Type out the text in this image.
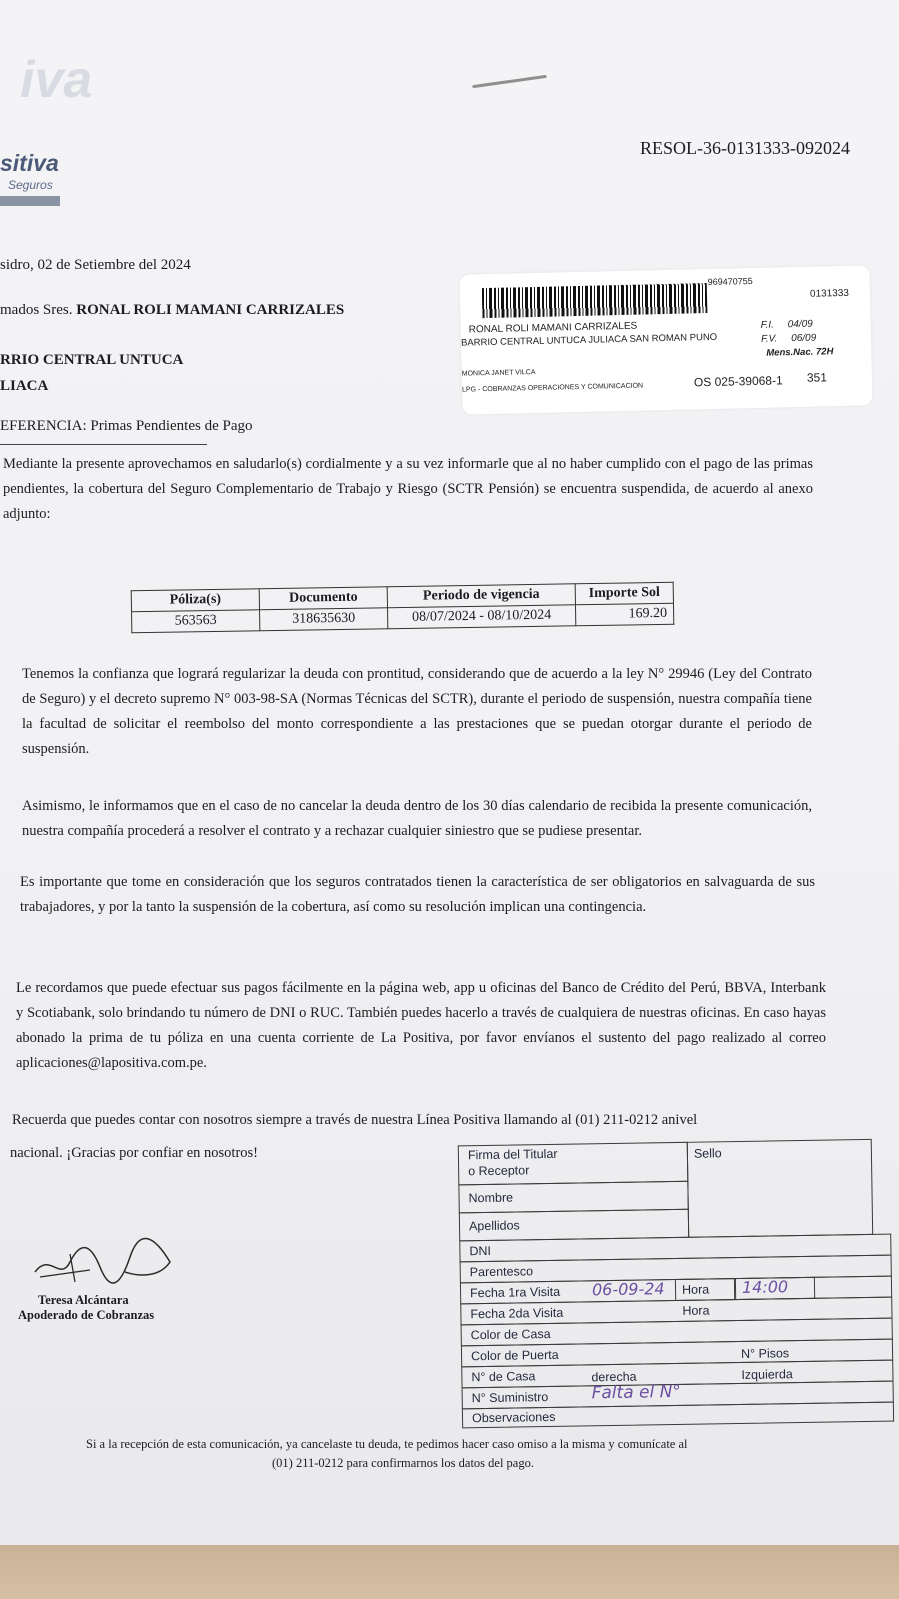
iva
sitiva
Seguros
RESOL-36-0131333-092024
sidro, 02 de Setiembre del 2024
mados Sres. RONAL ROLI MAMANI CARRIZALES
RRIO CENTRAL UNTUCA
LIACA
EFERENCIA: Primas Pendientes de Pago
969470755
0131333
RONAL ROLI MAMANI CARRIZALES
BARRIO CENTRAL UNTUCA JULIACA SAN ROMAN PUNO
F.I. 04/09
F.V. 06/09
Mens.Nac. 72H
MONICA JANET VILCA
LPG - COBRANZAS OPERACIONES Y COMUNICACION	OS 025-39068-1 351

Mediante la presente aprovechamos en saludarlo(s) cordialmente y a su vez informarle que al no haber cumplido con el pago de las primas pendientes, la cobertura del Seguro Complementario de Trabajo y Riesgo (SCTR Pensión) se encuentra suspendida, de acuerdo al anexo adjunto:

Póliza(s)	Documento	Periodo de vigencia	Importe Sol
563563	318635630	08/07/2024 - 08/10/2024	169.20

Tenemos la confianza que logrará regularizar la deuda con prontitud, considerando que de acuerdo a la ley N° 29946 (Ley del Contrato de Seguro) y el decreto supremo N° 003-98-SA (Normas Técnicas del SCTR), durante el periodo de suspensión, nuestra compañía tiene la facultad de solicitar el reembolso del monto correspondiente a las prestaciones que se puedan otorgar durante el periodo de suspensión.

Asimismo, le informamos que en el caso de no cancelar la deuda dentro de los 30 días calendario de recibida la presente comunicación, nuestra compañía procederá a resolver el contrato y a rechazar cualquier siniestro que se pudiese presentar.

Es importante que tome en consideración que los seguros contratados tienen la característica de ser obligatorios en salvaguarda de sus trabajadores, y por la tanto la suspensión de la cobertura, así como su resolución implican una contingencia.

Le recordamos que puede efectuar sus pagos fácilmente en la página web, app u oficinas del Banco de Crédito del Perú, BBVA, Interbank y Scotiabank, solo brindando tu número de DNI o RUC. También puedes hacerlo a través de cualquiera de nuestras oficinas. En caso hayas abonado la prima de tu póliza en una cuenta corriente de La Positiva, por favor envíanos el sustento del pago realizado al correo aplicaciones@lapositiva.com.pe.

Recuerda que puedes contar con nosotros siempre a través de nuestra Línea Positiva llamando al (01) 211-0212 anivel
nacional. ¡Gracias por confiar en nosotros!
Teresa Alcántara
Apoderado de Cobranzas
Firma del Titular
o Receptor
Sello
Nombre
Apellidos
DNI
Parentesco
Fecha 1ra Visita 06-09-24 Hora 14:00
Fecha 2da Visita	Hora
Color de Casa
Color de Puerta	N° Pisos
N° de Casa	derecha	Izquierda
N° Suministro	Falta el N°
Observaciones
Si a la recepción de esta comunicación, ya cancelaste tu deuda, te pedimos hacer caso omiso a la misma y comunícate al
(01) 211-0212 para confirmarnos los datos del pago.
